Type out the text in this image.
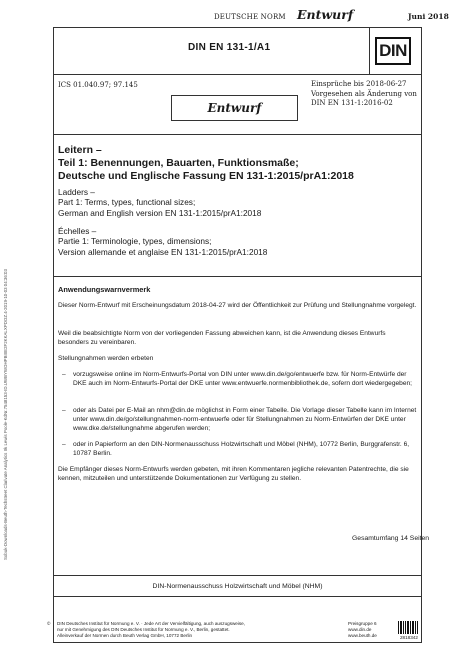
Sobuk-Downloads-Beuth-Techstreet Clarivate Analytics IIk Lewis Poole-KdNr.7548153-ID.UWBYWOHPBIIIE2F2KKALXPDOZ.4-2019-10-03 04:36:03
DEUTSCHE NORM Entwurf	Juni 2018
DIN EN 131-1/A1	DIN
ICS 01.040.97; 97.145	Einsprüche bis 2018-06-27
Vorgesehen als Änderung von
DIN EN 131-1:2016-02
Entwurf
Leitern –
Teil 1: Benennungen, Bauarten, Funktionsmaße;
Deutsche und Englische Fassung EN 131-1:2015/prA1:2018
Ladders –
Part 1: Terms, types, functional sizes;
German and English version EN 131-1:2015/prA1:2018
Échelles –
Partie 1: Terminologie, types, dimensions;
Version allemande et anglaise EN 131-1:2015/prA1:2018
Anwendungswarnvermerk
Dieser Norm-Entwurf mit Erscheinungsdatum 2018-04-27 wird der Öffentlichkeit zur Prüfung und Stellungnahme vorgelegt.
Weil die beabsichtigte Norm von der vorliegenden Fassung abweichen kann, ist die Anwendung dieses Entwurfs besonders zu vereinbaren.
Stellungnahmen werden erbeten
–	vorzugsweise online im Norm-Entwurfs-Portal von DIN unter www.din.de/go/entwuerfe bzw. für Norm-Entwürfe der DKE auch im Norm-Entwurfs-Portal der DKE unter www.entwuerfe.normenbibliothek.de, sofern dort wiedergegeben;
–	oder als Datei per E-Mail an nhm@din.de möglichst in Form einer Tabelle. Die Vorlage dieser Tabelle kann im Internet unter www.din.de/go/stellungnahmen-norm-entwuerfe oder für Stellungnahmen zu Norm-Entwürfen der DKE unter www.dke.de/stellungnahme abgerufen werden;
–	oder in Papierform an den DIN-Normenausschuss Holzwirtschaft und Möbel (NHM), 10772 Berlin, Burggrafenstr. 6, 10787 Berlin.
Die Empfänger dieses Norm-Entwurfs werden gebeten, mit ihren Kommentaren jegliche relevanten Patentrechte, die sie kennen, mitzuteilen und unterstützende Dokumentationen zur Verfügung zu stellen.
Gesamtumfang 14 Seiten
DIN-Normenausschuss Holzwirtschaft und Möbel (NHM)
©	DIN Deutsches Institut für Normung e. V. · Jede Art der Vervielfältigung, auch auszugsweise,
nur mit Genehmigung des DIN Deutsches Institut für Normung e. V., Berlin, gestattet.
Alleinverkauf der Normen durch Beuth Verlag GmbH, 10772 Berlin
Preisgruppe 6
www.din.de
www.beuth.de	2818342
